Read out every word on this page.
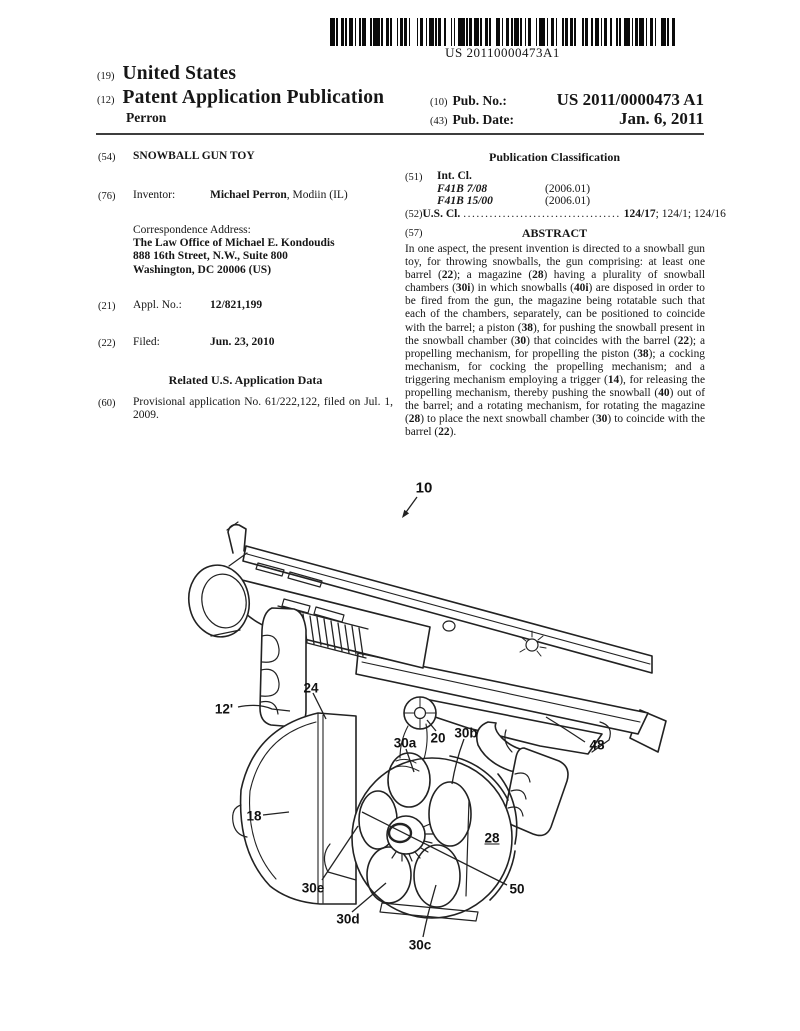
US 20110000473A1
(19) United States
(12) Patent Application Publication
Perron
(10) Pub. No.:	US 2011/0000473 A1
(43) Pub. Date:	Jan. 6, 2011
(54) SNOWBALL GUN TOY
(76) Inventor:	Michael Perron, Modiin (IL)
Correspondence Address:
The Law Office of Michael E. Kondoudis
888 16th Street, N.W., Suite 800
Washington, DC 20006 (US)
(21) Appl. No.: 12/821,199
(22) Filed:	Jun. 23, 2010
Related U.S. Application Data
(60) Provisional application No. 61/222,122, filed on Jul. 1, 2009.
Publication Classification
(51) Int. Cl.
F41B 7/08	(2006.01)
F41B 15/00	(2006.01)
(52) U.S. Cl. .................................... 124/17; 124/1; 124/16
(57)	ABSTRACT
In one aspect, the present invention is directed to a snowball gun toy, for throwing snowballs, the gun comprising: at least one barrel (22); a magazine (28) having a plurality of snowball chambers (30i) in which snowballs (40i) are disposed in order to be fired from the gun, the magazine being rotatable such that each of the chambers, separately, can be positioned to coincide with the barrel; a piston (38), for pushing the snowball present in the snowball chamber (30) that coincides with the barrel (22); a propelling mechanism, for propelling the piston (38); a cocking mechanism, for cocking the propelling mechanism; and a triggering mechanism employing a trigger (14), for releasing the propelling mechanism, thereby pushing the snowball (40) out of the barrel; and a rotating mechanism, for rotating the magazine (28) to place the next snowball chamber (30) to coincide with the barrel (22).
10
24
12'
30a 20 30b
48
18
28
30e	50
30d
30c
